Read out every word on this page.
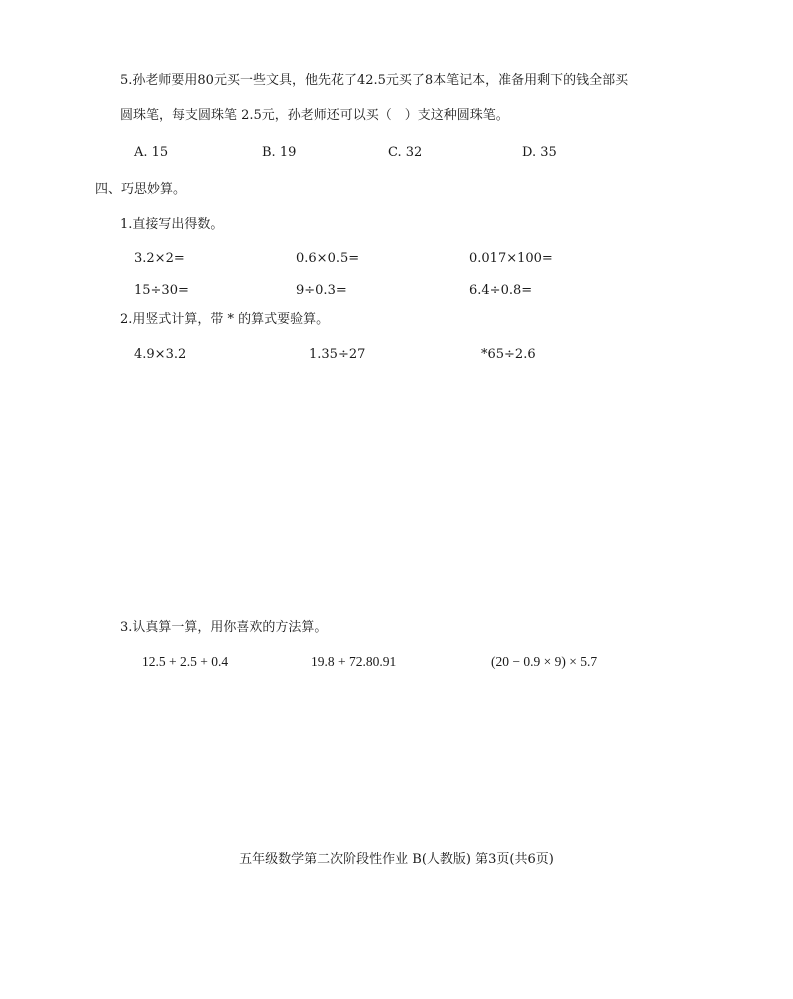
5.孙老师要用80元买一些文具，他先花了42.5元买了8本笔记本，准备用剩下的钱全部买
圆珠笔，每支圆珠笔 2.5元，孙老师还可以买（　）支这种圆珠笔。
A. 15	B. 19	C. 32	D. 35
四、巧思妙算。
1.直接写出得数。
3.2×2=	0.6×0.5=	0.017×100=
15÷30=	9÷0.3=	6.4÷0.8=
2.用竖式计算，带 * 的算式要验算。
4.9×3.2	1.35÷27	*65÷2.6
3.认真算一算，用你喜欢的方法算。
12.5 + 2.5 + 0.4	19.8 + 72.80.91	(20 − 0.9 × 9) × 5.7
五年级数学第二次阶段性作业 B(人教版) 第3页(共6页)
